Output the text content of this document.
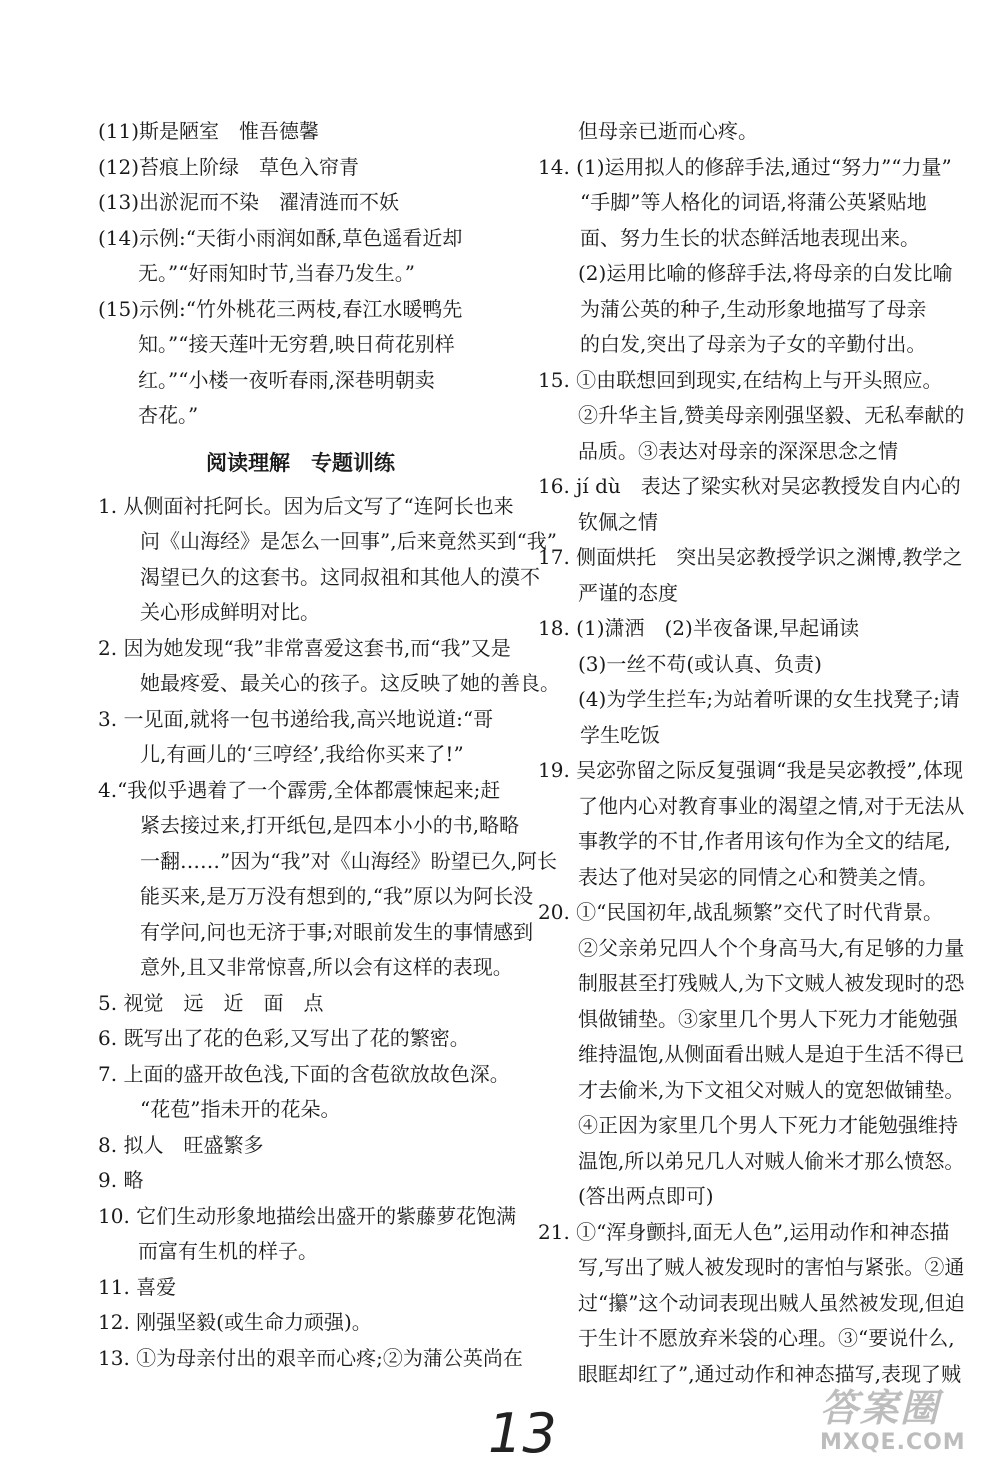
(11)斯是陋室　惟吾德馨
(12)苔痕上阶绿　草色入帘青
(13)出淤泥而不染　濯清涟而不妖
(14)示例:“天街小雨润如酥,草色遥看近却
无。”“好雨知时节,当春乃发生。”
(15)示例:“竹外桃花三两枝,春江水暖鸭先
知。”“接天莲叶无穷碧,映日荷花别样
红。”“小楼一夜听春雨,深巷明朝卖
杏花。”
阅读理解　专题训练
1. 从侧面衬托阿长。因为后文写了“连阿长也来
问《山海经》是怎么一回事”,后来竟然买到“我”
渴望已久的这套书。这同叔祖和其他人的漠不
关心形成鲜明对比。
2. 因为她发现“我”非常喜爱这套书,而“我”又是
她最疼爱、最关心的孩子。这反映了她的善良。
3. 一见面,就将一包书递给我,高兴地说道:“哥
儿,有画儿的‘三哼经’,我给你买来了!”
4.“我似乎遇着了一个霹雳,全体都震悚起来;赶
紧去接过来,打开纸包,是四本小小的书,略略
一翻……”因为“我”对《山海经》盼望已久,阿长
能买来,是万万没有想到的,“我”原以为阿长没
有学问,问也无济于事;对眼前发生的事情感到
意外,且又非常惊喜,所以会有这样的表现。
5. 视觉　远　近　面　点
6. 既写出了花的色彩,又写出了花的繁密。
7. 上面的盛开故色浅,下面的含苞欲放故色深。
“花苞”指未开的花朵。
8. 拟人　旺盛繁多
9. 略
10. 它们生动形象地描绘出盛开的紫藤萝花饱满
而富有生机的样子。
11. 喜爱
12. 刚强坚毅(或生命力顽强)。
13. ①为母亲付出的艰辛而心疼;②为蒲公英尚在
但母亲已逝而心疼。
14. (1)运用拟人的修辞手法,通过“努力”“力量”
“手脚”等人格化的词语,将蒲公英紧贴地
面、努力生长的状态鲜活地表现出来。
(2)运用比喻的修辞手法,将母亲的白发比喻
为蒲公英的种子,生动形象地描写了母亲
的白发,突出了母亲为子女的辛勤付出。
15. ①由联想回到现实,在结构上与开头照应。
②升华主旨,赞美母亲刚强坚毅、无私奉献的
品质。③表达对母亲的深深思念之情
16. jí dù　表达了梁实秋对吴宓教授发自内心的
钦佩之情
17. 侧面烘托　突出吴宓教授学识之渊博,教学之
严谨的态度
18. (1)潇洒　(2)半夜备课,早起诵读
(3)一丝不苟(或认真、负责)
(4)为学生拦车;为站着听课的女生找凳子;请
学生吃饭
19. 吴宓弥留之际反复强调“我是吴宓教授”,体现
了他内心对教育事业的渴望之情,对于无法从
事教学的不甘,作者用该句作为全文的结尾,
表达了他对吴宓的同情之心和赞美之情。
20. ①“民国初年,战乱频繁”交代了时代背景。
②父亲弟兄四人个个身高马大,有足够的力量
制服甚至打残贼人,为下文贼人被发现时的恐
惧做铺垫。③家里几个男人下死力才能勉强
维持温饱,从侧面看出贼人是迫于生活不得已
才去偷米,为下文祖父对贼人的宽恕做铺垫。
④正因为家里几个男人下死力才能勉强维持
温饱,所以弟兄几人对贼人偷米才那么愤怒。
(答出两点即可)
21. ①“浑身颤抖,面无人色”,运用动作和神态描
写,写出了贼人被发现时的害怕与紧张。②通
过“攥”这个动词表现出贼人虽然被发现,但迫
于生计不愿放弃米袋的心理。③“要说什么,
眼眶却红了”,通过动作和神态描写,表现了贼
13	答案圈
MXQE.COM
